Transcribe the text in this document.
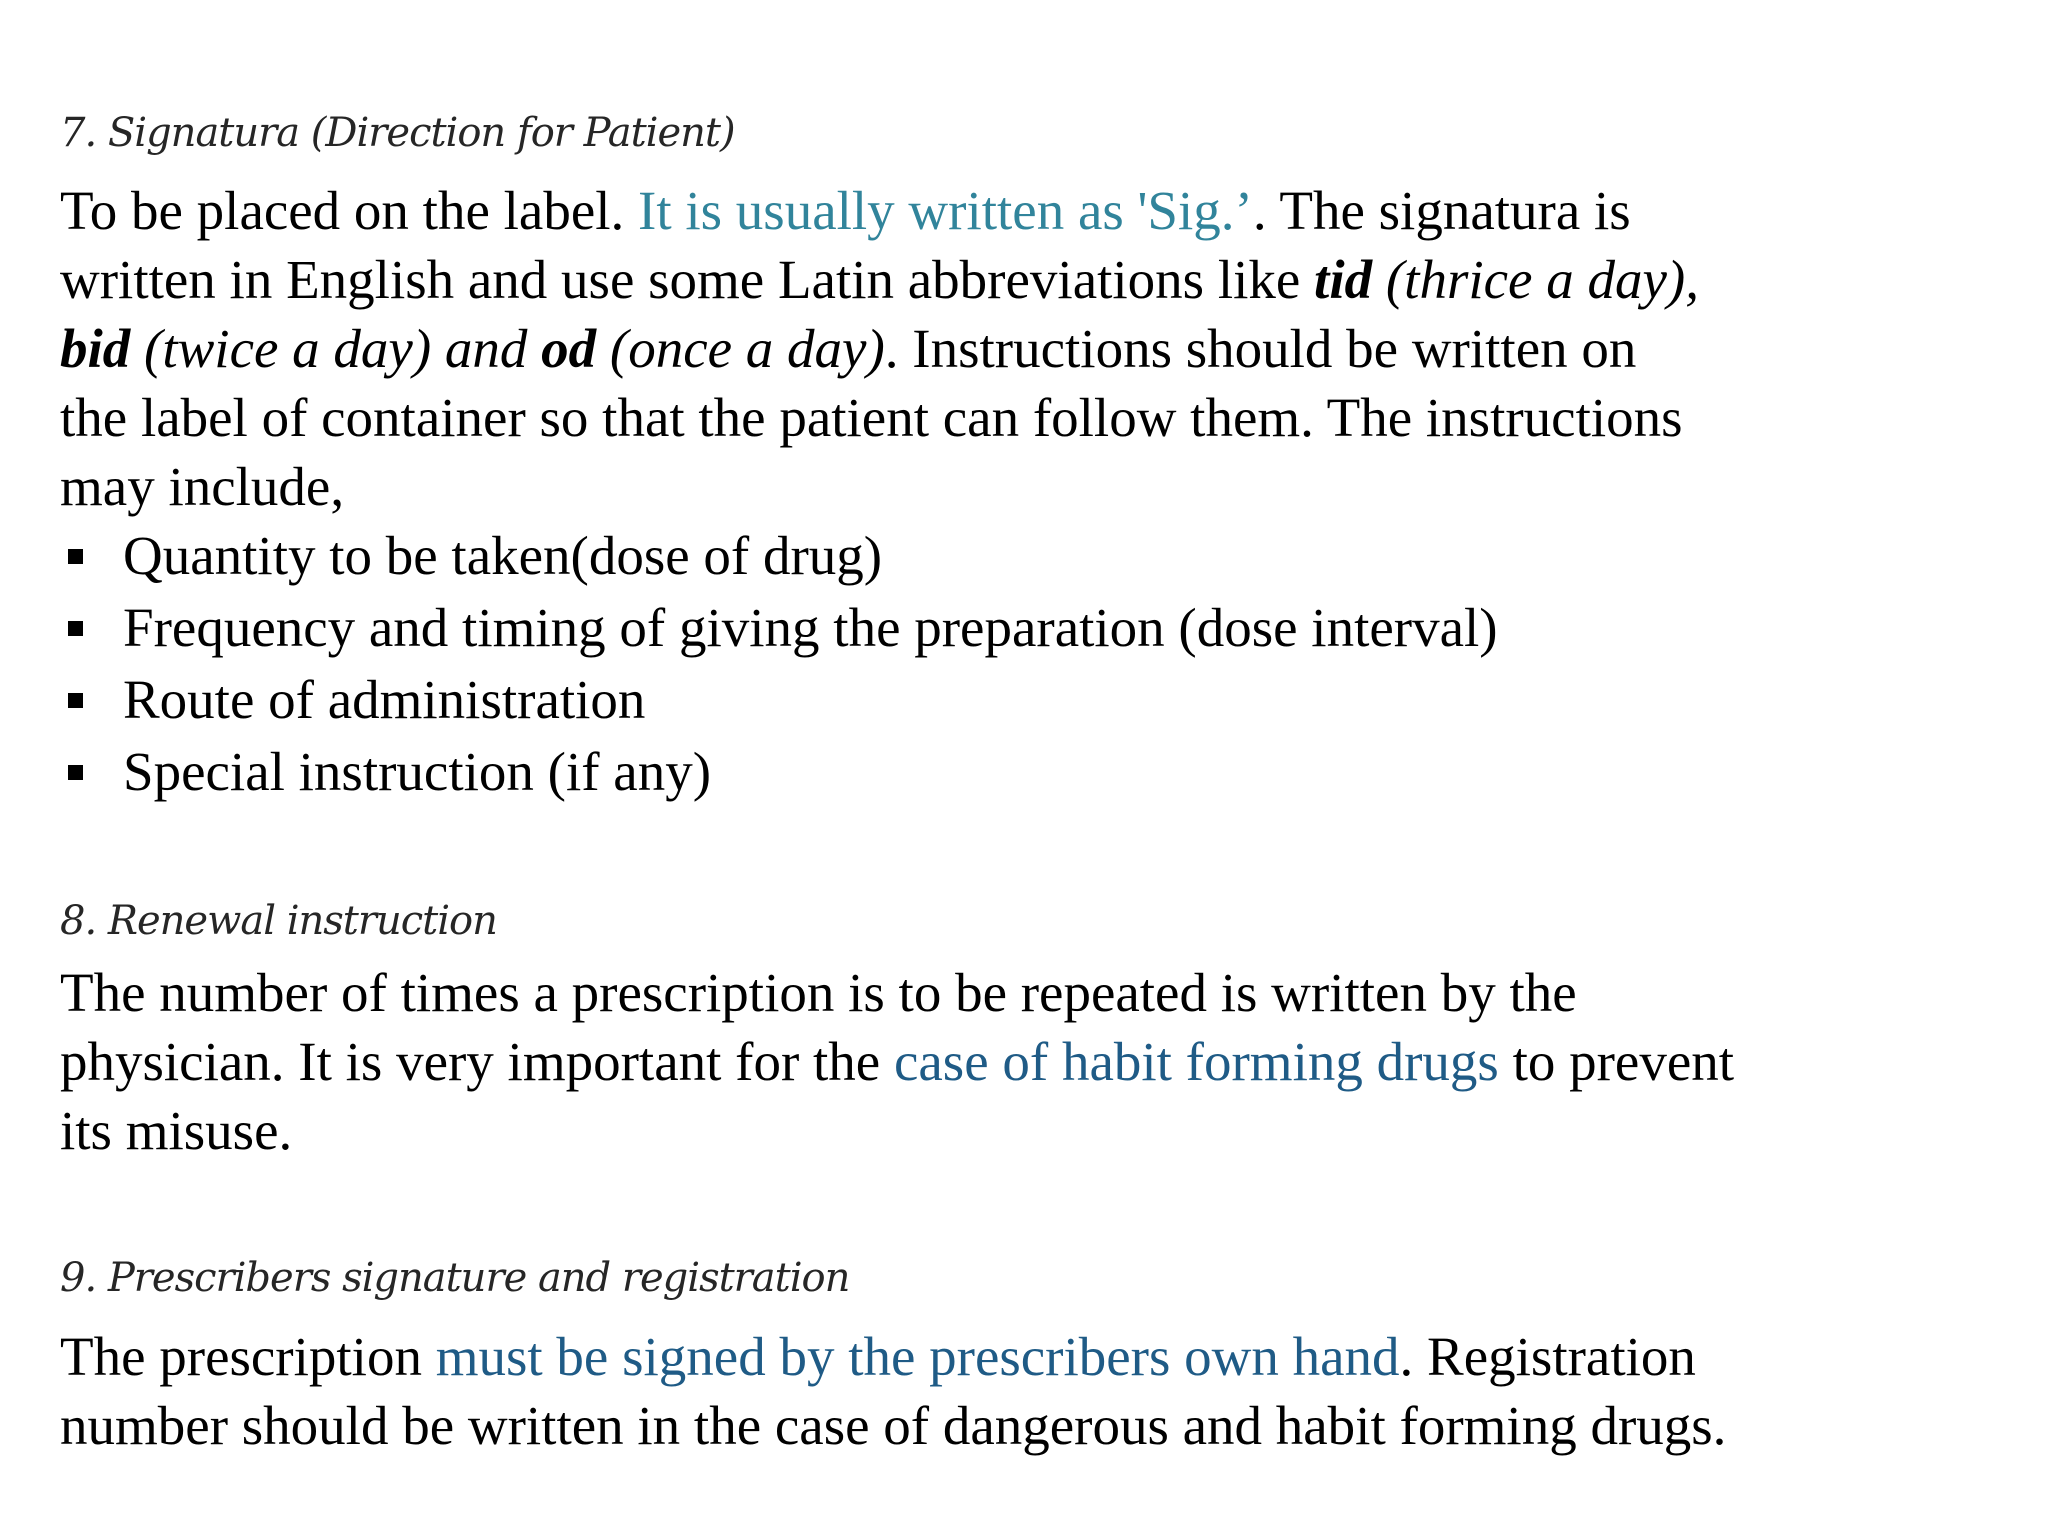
7. Signatura (Direction for Patient)
To be placed on the label. It is usually written as 'Sig.’. The signatura is
written in English and use some Latin abbreviations like tid (thrice a day),
bid (twice a day) and od (once a day). Instructions should be written on
the label of container so that the patient can follow them. The instructions
may include,
Quantity to be taken(dose of drug)
Frequency and timing of giving the preparation (dose interval)
Route of administration
Special instruction (if any)
8. Renewal instruction
The number of times a prescription is to be repeated is written by the
physician. It is very important for the case of habit forming drugs to prevent
its misuse.
9. Prescribers signature and registration
The prescription must be signed by the prescribers own hand. Registration
number should be written in the case of dangerous and habit forming drugs.
